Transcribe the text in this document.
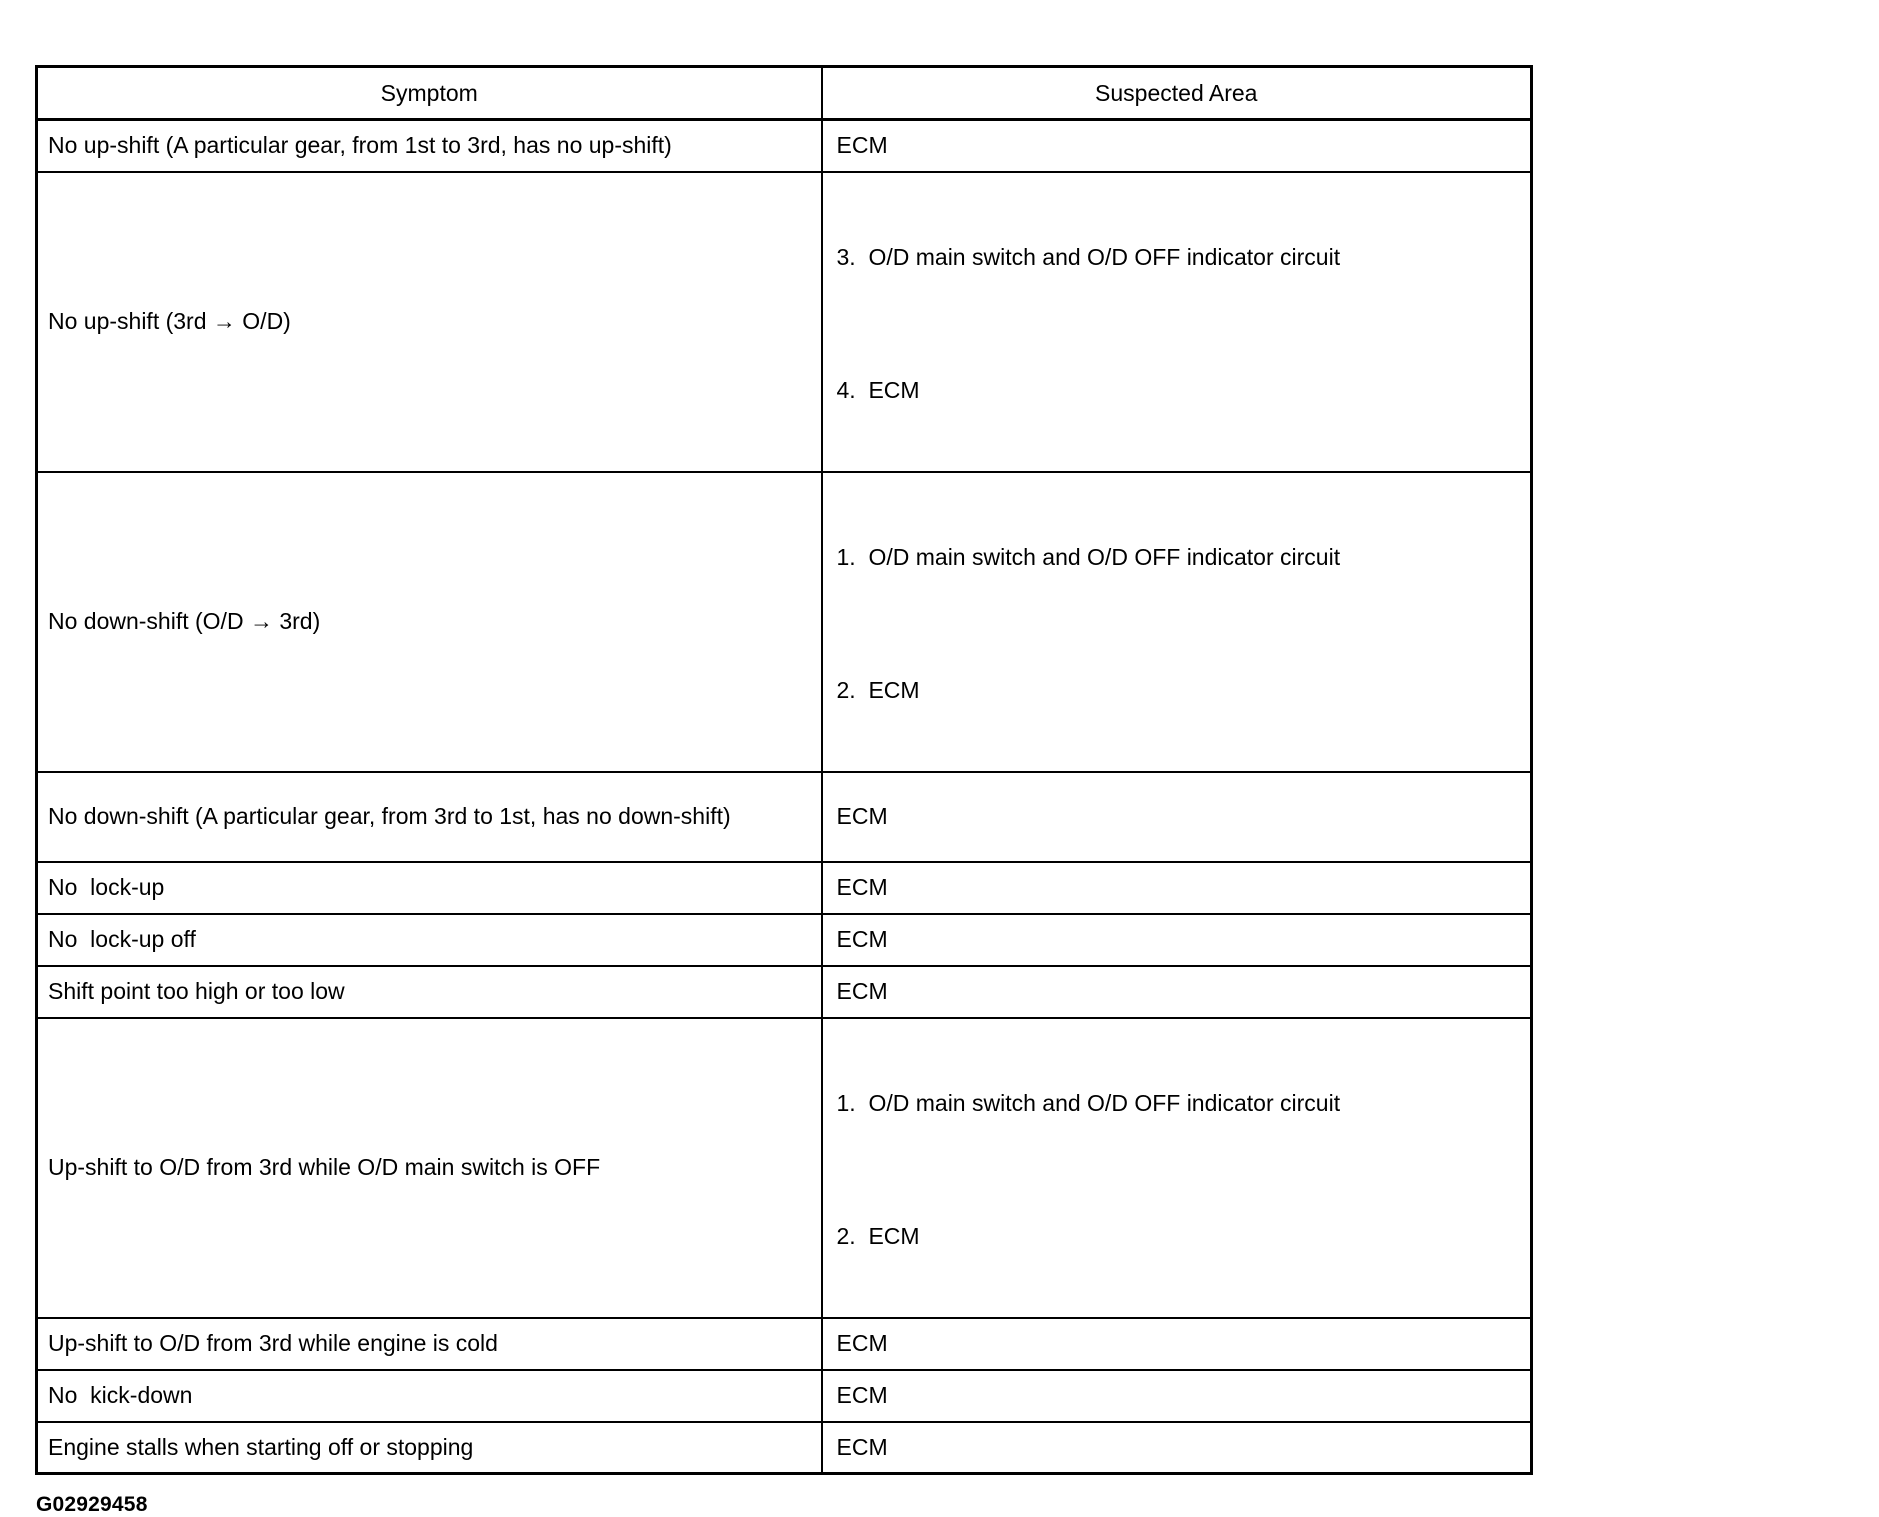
Symptom	Suspected Area
No up-shift (A particular gear, from 1st to 3rd, has no up-shift)	ECM
No up-shift (3rd → O/D)	3.  O/D main switch and O/D OFF indicator circuit

4.  ECM

No down-shift (O/D → 3rd)	1.  O/D main switch and O/D OFF indicator circuit

2.  ECM

No down-shift (A particular gear, from 3rd to 1st, has no down-shift)	ECM
No  lock-up	ECM
No  lock-up off	ECM
Shift point too high or too low	ECM
Up-shift to O/D from 3rd while O/D main switch is OFF	1.  O/D main switch and O/D OFF indicator circuit

2.  ECM

Up-shift to O/D from 3rd while engine is cold	ECM
No  kick-down	ECM
Engine stalls when starting off or stopping	ECM
G02929458
